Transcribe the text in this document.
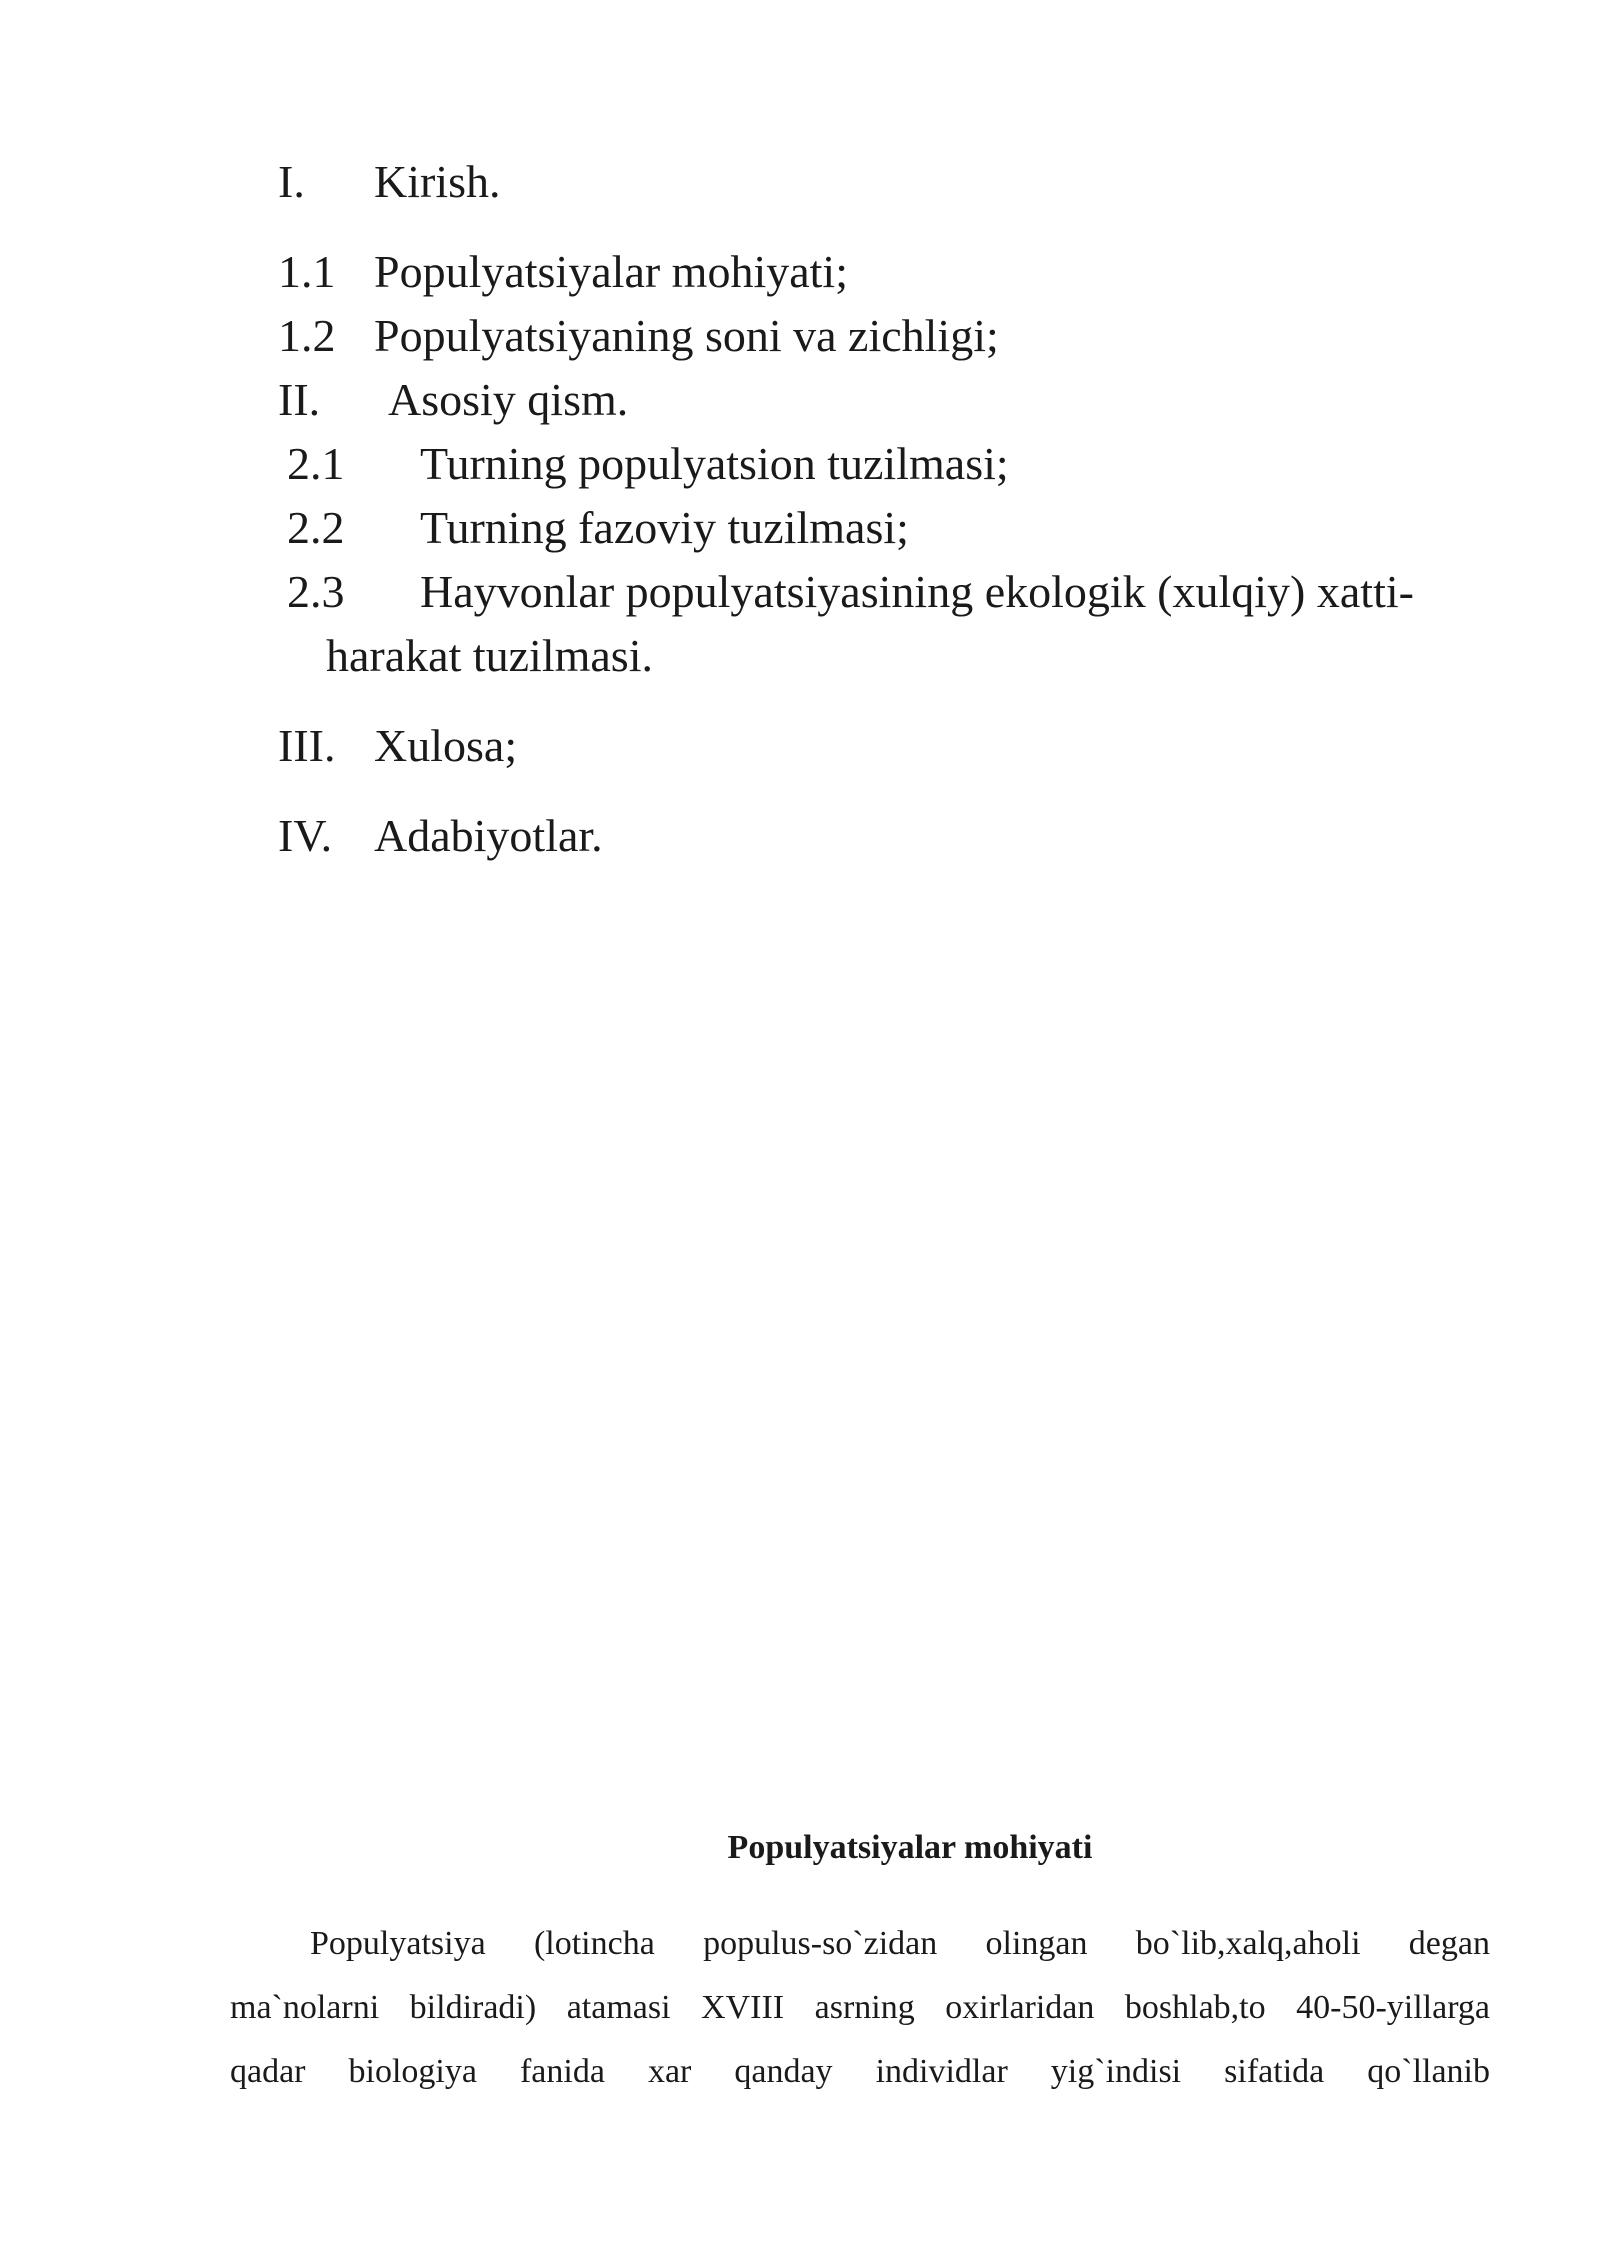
I. Kirish.
1.1 Populyatsiyalar mohiyati;
1.2 Populyatsiyaning soni va zichligi;
II. Asosiy qism.
2.1 Turning populyatsion tuzilmasi;
2.2 Turning fazoviy tuzilmasi;
2.3 Hayvonlar populyatsiyasining ekologik (xulqiy) xatti-
harakat tuzilmasi.
III. Xulosa;
IV. Adabiyotlar.
Populyatsiyalar mohiyati
Populyatsiya (lotincha populus-so`zidan olingan bo`lib,xalq,aholi degan
ma`nolarni bildiradi) atamasi XVIII asrning oxirlaridan boshlab,to 40-50-yillarga
qadar biologiya fanida xar qanday individlar yig`indisi sifatida qo`llanib
